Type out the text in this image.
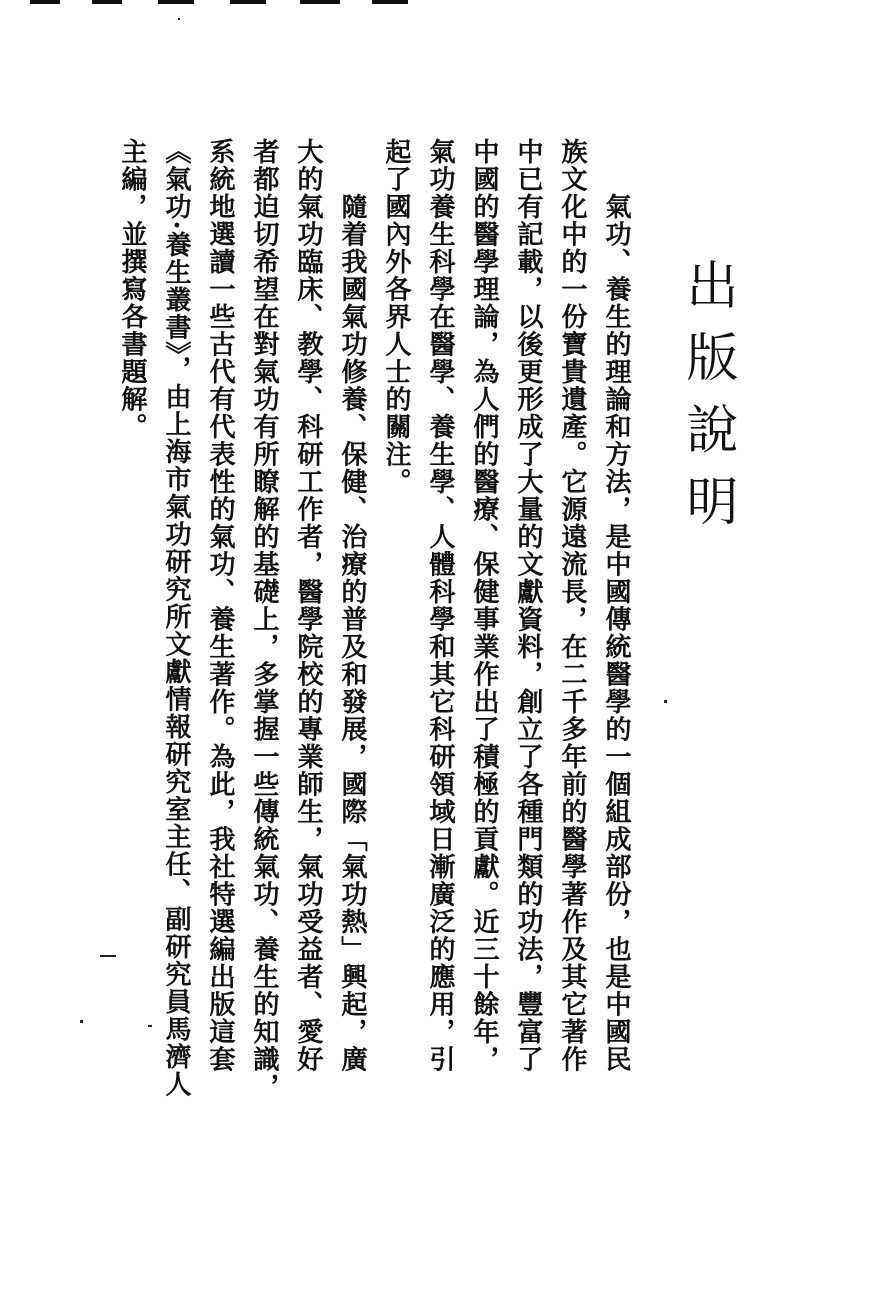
出版說明
　　氣功、養生的理論和方法，是中國傳統醫學的一個組成部份，也是中國民
族文化中的一份寶貴遺產。它源遠流長，在二千多年前的醫學著作及其它著作
中已有記載，以後更形成了大量的文獻資料，創立了各種門類的功法，豐富了
中國的醫學理論，為人們的醫療、保健事業作出了積極的貢獻。近三十餘年，
氣功養生科學在醫學、養生學、人體科學和其它科研領域日漸廣泛的應用，引
起了國內外各界人士的關注。
　　隨着我國氣功修養、保健、治療的普及和發展，國際「氣功熱」興起，廣
大的氣功臨床、教學、科研工作者，醫學院校的專業師生，氣功受益者、愛好
者都迫切希望在對氣功有所瞭解的基礎上，多掌握一些傳統氣功、養生的知識，
系統地選讀一些古代有代表性的氣功、養生著作。為此，我社特選編出版這套
《氣功·養生叢書》，由上海市氣功研究所文獻情報研究室主任、副研究員馬濟人
主編，並撰寫各書題解。
